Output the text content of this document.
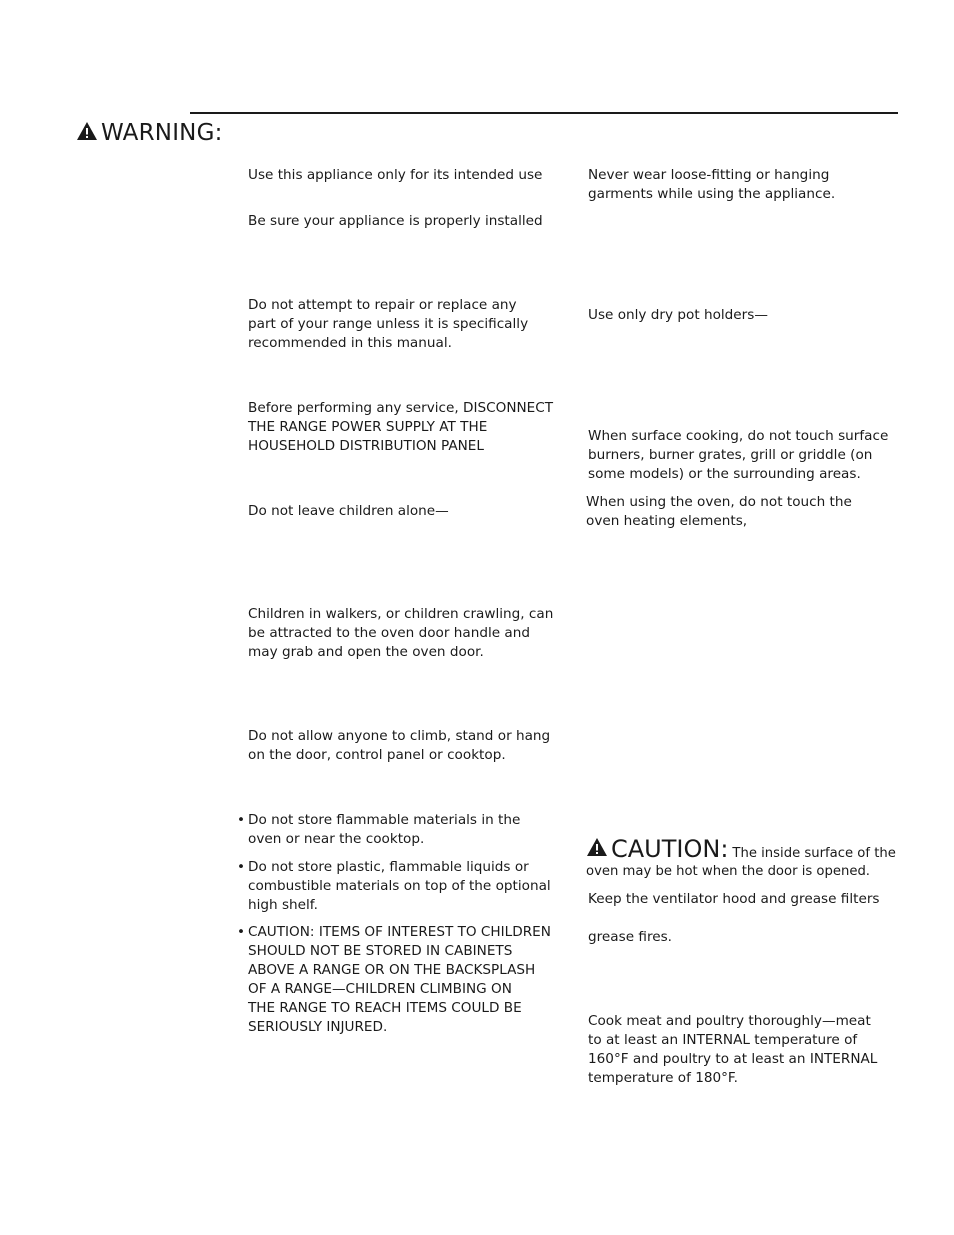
WARNING:

Use this appliance only for its intended use

Be sure your appliance is properly installed

Do not attempt to repair or replace any
part of your range unless it is specifically
recommended in this manual.
Before performing any service, DISCONNECT
THE RANGE POWER SUPPLY AT THE
HOUSEHOLD DISTRIBUTION PANEL

Do not leave children alone—

Children in walkers, or children crawling, can
be attracted to the oven door handle and
may grab and open the oven door.
Do not allow anyone to climb, stand or hang
on the door, control panel or cooktop.
• Do not store flammable materials in the
oven or near the cooktop.
• Do not store plastic, flammable liquids or
combustible materials on top of the optional
high shelf.
• CAUTION: ITEMS OF INTEREST TO CHILDREN
SHOULD NOT BE STORED IN CABINETS
ABOVE A RANGE OR ON THE BACKSPLASH
OF A RANGE—CHILDREN CLIMBING ON
THE RANGE TO REACH ITEMS COULD BE
SERIOUSLY INJURED.
Never wear loose-fitting or hanging
garments while using the appliance.

Use only dry pot holders—

When surface cooking, do not touch surface
burners, burner grates, grill or griddle (on
some models) or the surrounding areas.
When using the oven, do not touch the
oven heating elements,
CAUTION: The inside surface of the

oven may be hot when the door is opened.

Keep the ventilator hood and grease filters

grease fires.

Cook meat and poultry thoroughly—meat
to at least an INTERNAL temperature of
160°F and poultry to at least an INTERNAL
temperature of 180°F.
